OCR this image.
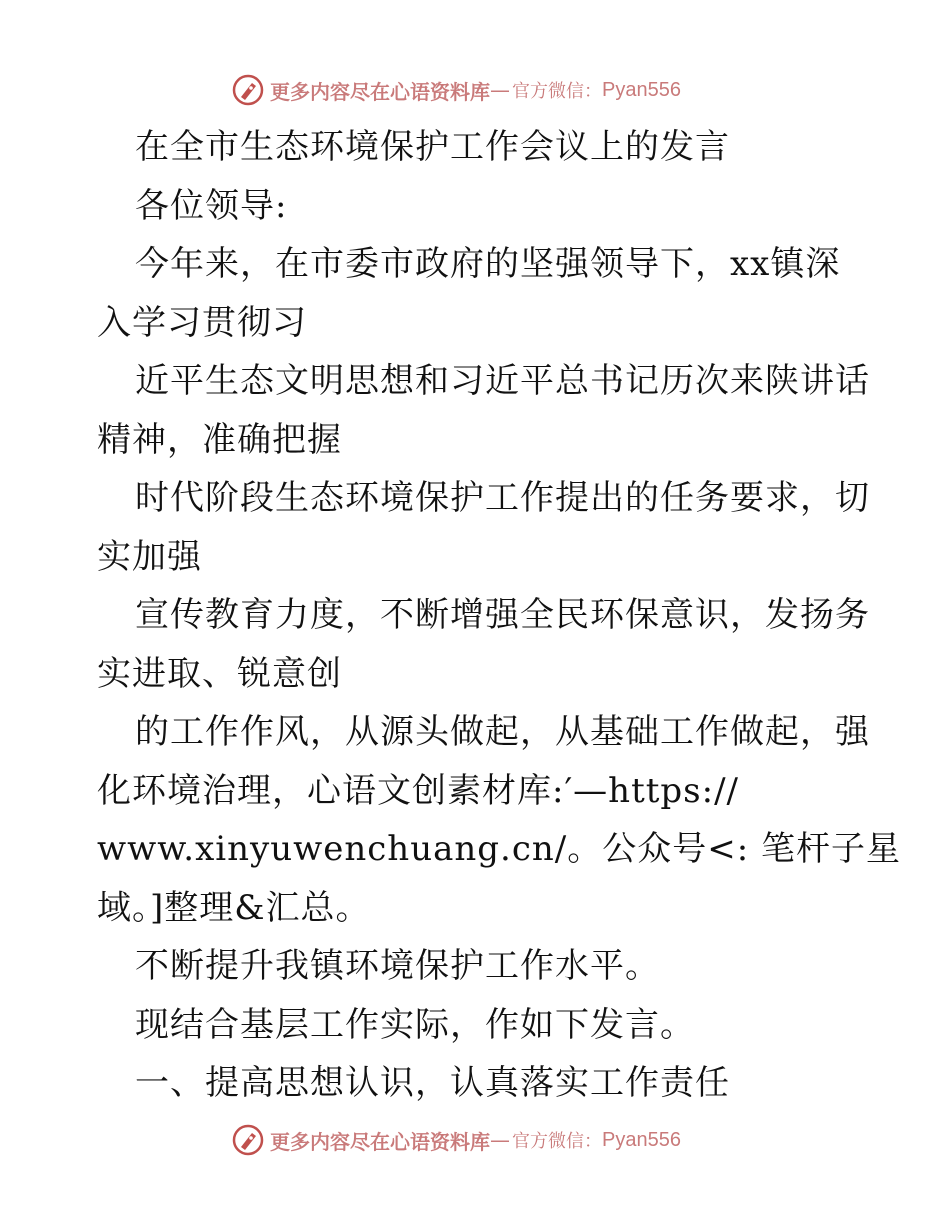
更多内容尽在心语资料库 — 官方微信： Pyan556
在全市生态环境保护工作会议上的发言
各位领导:
今年来，在市委市政府的坚强领导下，xx镇深
入学习贯彻习
近平生态文明思想和习近平总书记历次来陕讲话
精神，准确把握
时代阶段生态环境保护工作提出的任务要求，切
实加强
宣传教育力度，不断增强全民环保意识，发扬务
实进取、锐意创
的工作作风，从源头做起，从基础工作做起，强
化环境治理，心语文创素材库:′—https://
www.xinyuwenchuang.cn/。公众号<: 笔杆子星
域。]整理&汇总。
不断提升我镇环境保护工作水平。
现结合基层工作实际，作如下发言。
一、提高思想认识，认真落实工作责任
更多内容尽在心语资料库 — 官方微信： Pyan556
